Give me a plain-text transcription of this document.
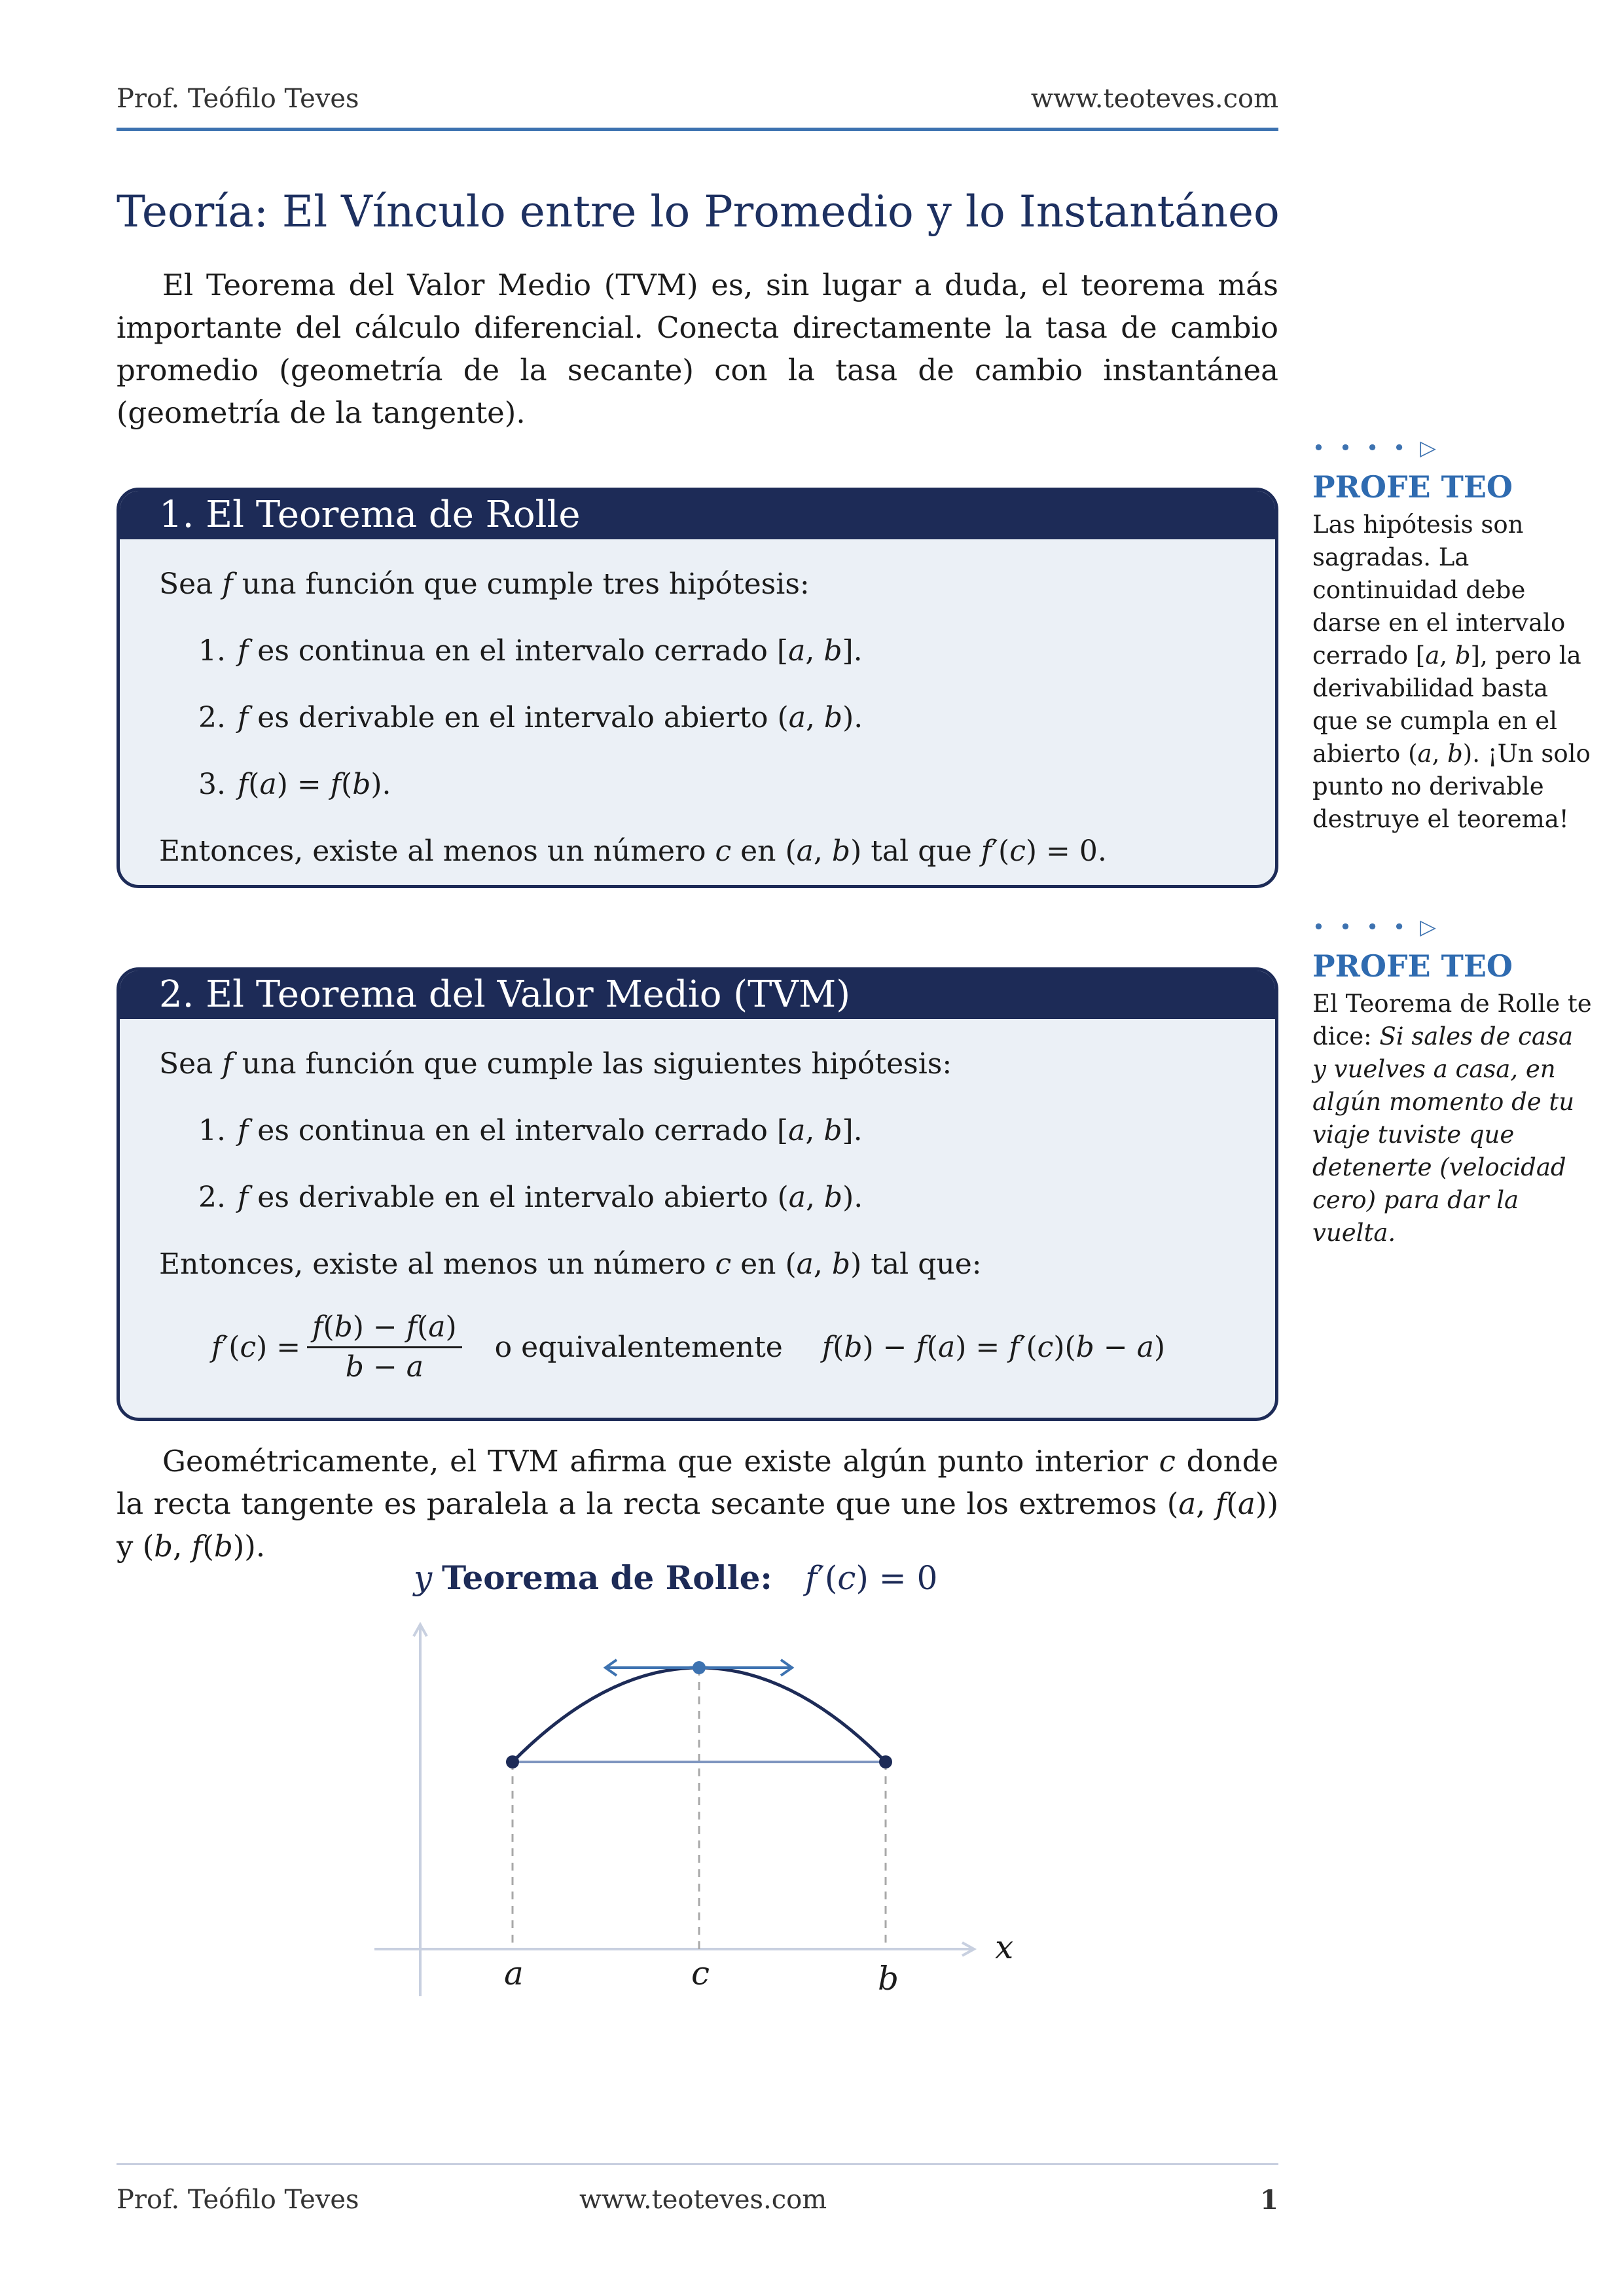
Prof. Teófilo Teves	www.teoteves.com
Teoría: El Vínculo entre lo Promedio y lo Instantáneo

El Teorema del Valor Medio (TVM) es, sin lugar a duda, el teorema más importante del cálculo diferencial. Conecta directamente la tasa de cambio promedio (geometría de la secante) con la tasa de cambio instantánea (geometría de la tangente).

1. El Teorema de Rolle
Sea f una función que cumple tres hipótesis:
1. f es continua en el intervalo cerrado [a, b].
2. f es derivable en el intervalo abierto (a, b).
3. f(a) = f(b).
Entonces, existe al menos un número c en (a, b) tal que f′(c) = 0.
2. El Teorema del Valor Medio (TVM)
Sea f una función que cumple las siguientes hipótesis:
1. f es continua en el intervalo cerrado [a, b].
2. f es derivable en el intervalo abierto (a, b).
Entonces, existe al menos un número c en (a, b) tal que:
$f'(c) = \frac{f(b) - f(a)}{b - a}$ o equivalentemente f(b) − f(a) = f′(c)(b − a)

Geométricamente, el TVM afirma que existe algún punto interior c donde la recta tangente es paralela a la recta secante que une los extremos (a, f(a)) y (b, f(b)).

• • • • ▷
PROFE TEO
Las hipótesis son sagradas. La continuidad debe darse en el intervalo cerrado [a, b], pero la derivabilidad basta que se cumpla en el abierto (a, b). ¡Un solo punto no derivable destruye el teorema!
• • • • ▷
PROFE TEO
El Teorema de Rolle te dice: Si sales de casa y vuelves a casa, en algún momento de tu viaje tuviste que detenerte (velocidad cero) para dar la vuelta.
y Teorema de Rolle: f′(c) = 0
x
a	c	b
Prof. Teófilo Teves	www.teoteves.com	1
